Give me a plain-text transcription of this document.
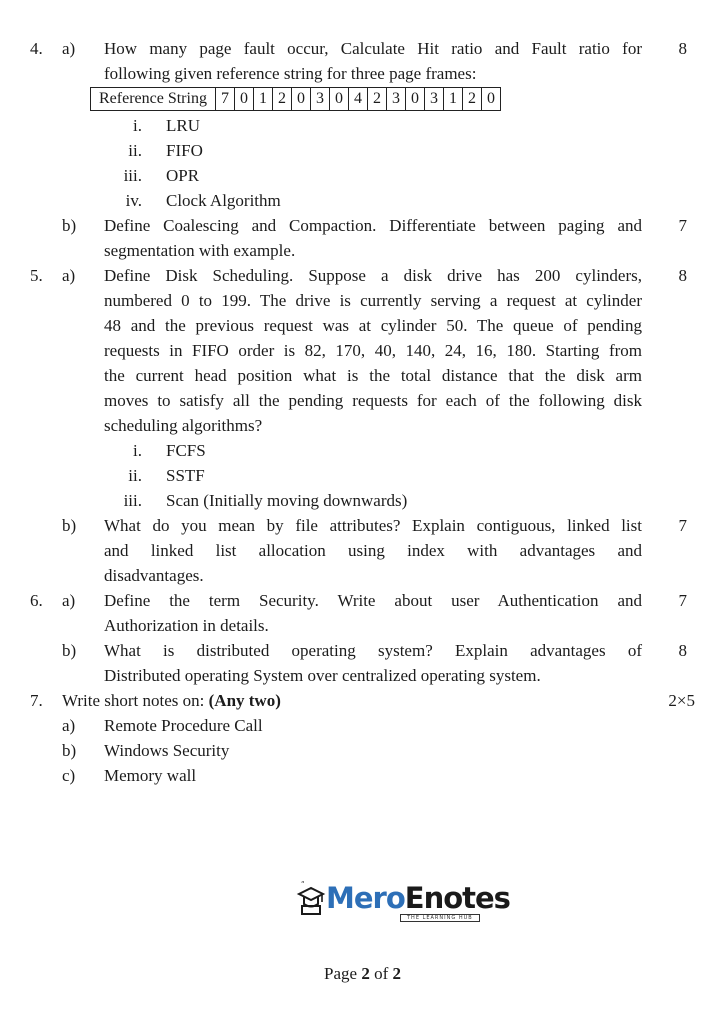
4. a) How many page fault occur, Calculate Hit ratio and Fault ratio for
following given reference string for three page frames:
8
Reference String	7	0	1	2	0	3	0	4	2	3	0	3	1	2	0
i. LRU
ii. FIFO
iii. OPR
iv. Clock Algorithm
b) Define Coalescing and Compaction. Differentiate between paging and
segmentation with example.
7
5. a) Define Disk Scheduling. Suppose a disk drive has 200 cylinders,
numbered 0 to 199. The drive is currently serving a request at cylinder
48 and the previous request was at cylinder 50. The queue of pending
requests in FIFO order is 82, 170, 40, 140, 24, 16, 180. Starting from
the current head position what is the total distance that the disk arm
moves to satisfy all the pending requests for each of the following disk
scheduling algorithms?
8
i. FCFS
ii. SSTF
iii. Scan (Initially moving downwards)
b) What do you mean by file attributes? Explain contiguous, linked list
and linked list allocation using index with advantages and
disadvantages.
7
6. a) Define the term Security. Write about user Authentication and
Authorization in details.
7
b) What is distributed operating system? Explain advantages of
Distributed operating System over centralized operating system.
8
7. Write short notes on: (Any two)	2×5
a) Remote Procedure Call
b) Windows Security
c) Memory wall
“ MeroEnotes
THE LEARNING HUB
Page 2 of 2
